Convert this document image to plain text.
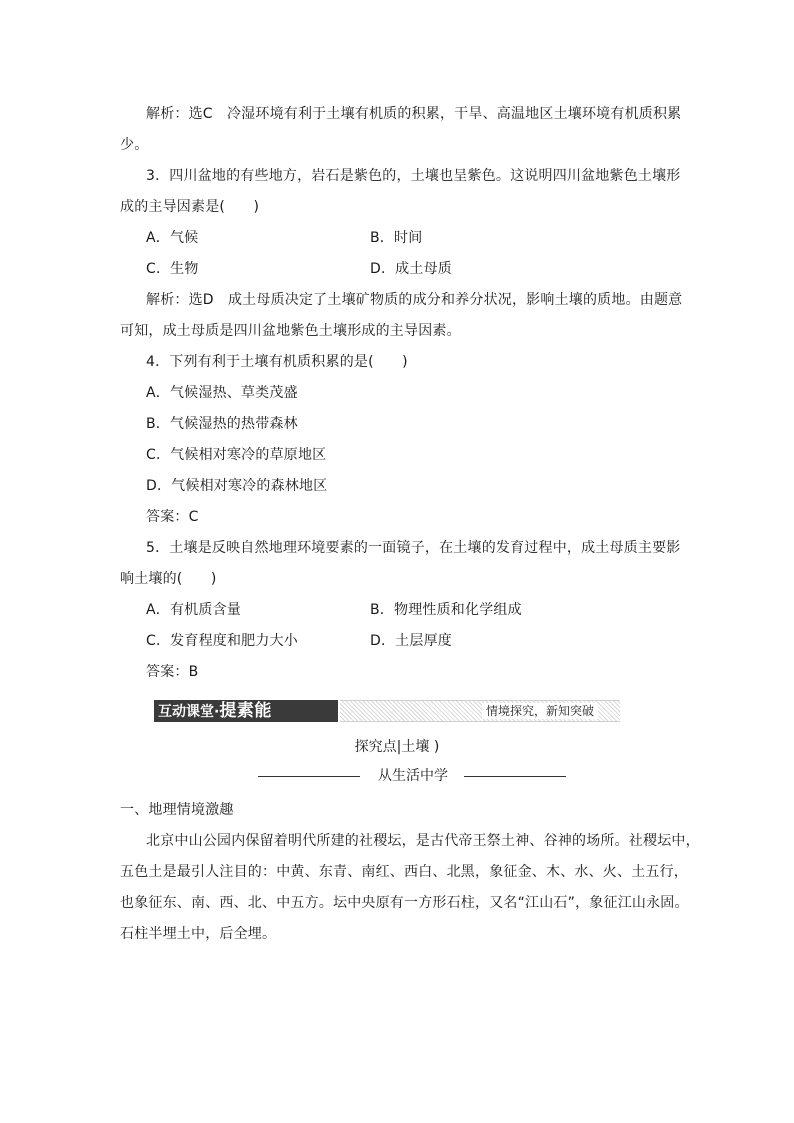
解析：选C　冷湿环境有利于土壤有机质的积累，干旱、高温地区土壤环境有机质积累
少。
3．四川盆地的有些地方，岩石是紫色的，土壤也呈紫色。这说明四川盆地紫色土壤形
成的主导因素是(　　)
A．气候	B．时间
C．生物	D．成土母质
解析：选D　成土母质决定了土壤矿物质的成分和养分状况，影响土壤的质地。由题意
可知，成土母质是四川盆地紫色土壤形成的主导因素。
4．下列有利于土壤有机质积累的是(　　)
A．气候湿热、草类茂盛
B．气候湿热的热带森林
C．气候相对寒冷的草原地区
D．气候相对寒冷的森林地区
答案：C
5．土壤是反映自然地理环境要素的一面镜子，在土壤的发育过程中，成土母质主要影
响土壤的(　　)
A．有机质含量	B．物理性质和化学组成
C．发育程度和肥力大小	D．土层厚度
答案：B
互动课堂·提素能	情境探究，新知突破
探究点|土壤 )
从生活中学
一、地理情境激趣
北京中山公园内保留着明代所建的社稷坛，是古代帝王祭土神、谷神的场所。社稷坛中，
五色土是最引人注目的：中黄、东青、南红、西白、北黑，象征金、木、水、火、土五行，
也象征东、南、西、北、中五方。坛中央原有一方形石柱，又名“江山石”，象征江山永固。
石柱半埋土中，后全埋。
